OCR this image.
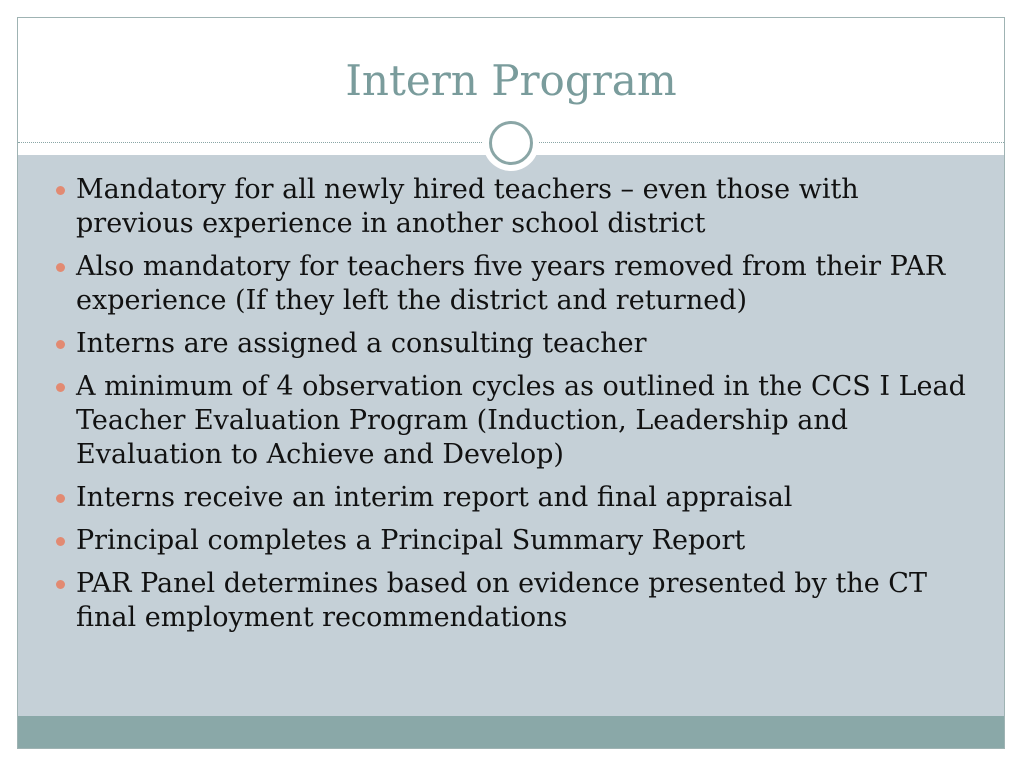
Intern Program
Mandatory for all newly hired teachers – even those with previous experience in another school district
Also mandatory for teachers five years removed from their PAR experience (If they left the district and returned)
Interns are assigned a consulting teacher
A minimum of 4 observation cycles as outlined in the CCS I Lead Teacher Evaluation Program (Induction, Leadership and Evaluation to Achieve and Develop)
Interns receive an interim report and final appraisal
Principal completes a Principal Summary Report
PAR Panel determines based on evidence presented by the CT final employment recommendations
